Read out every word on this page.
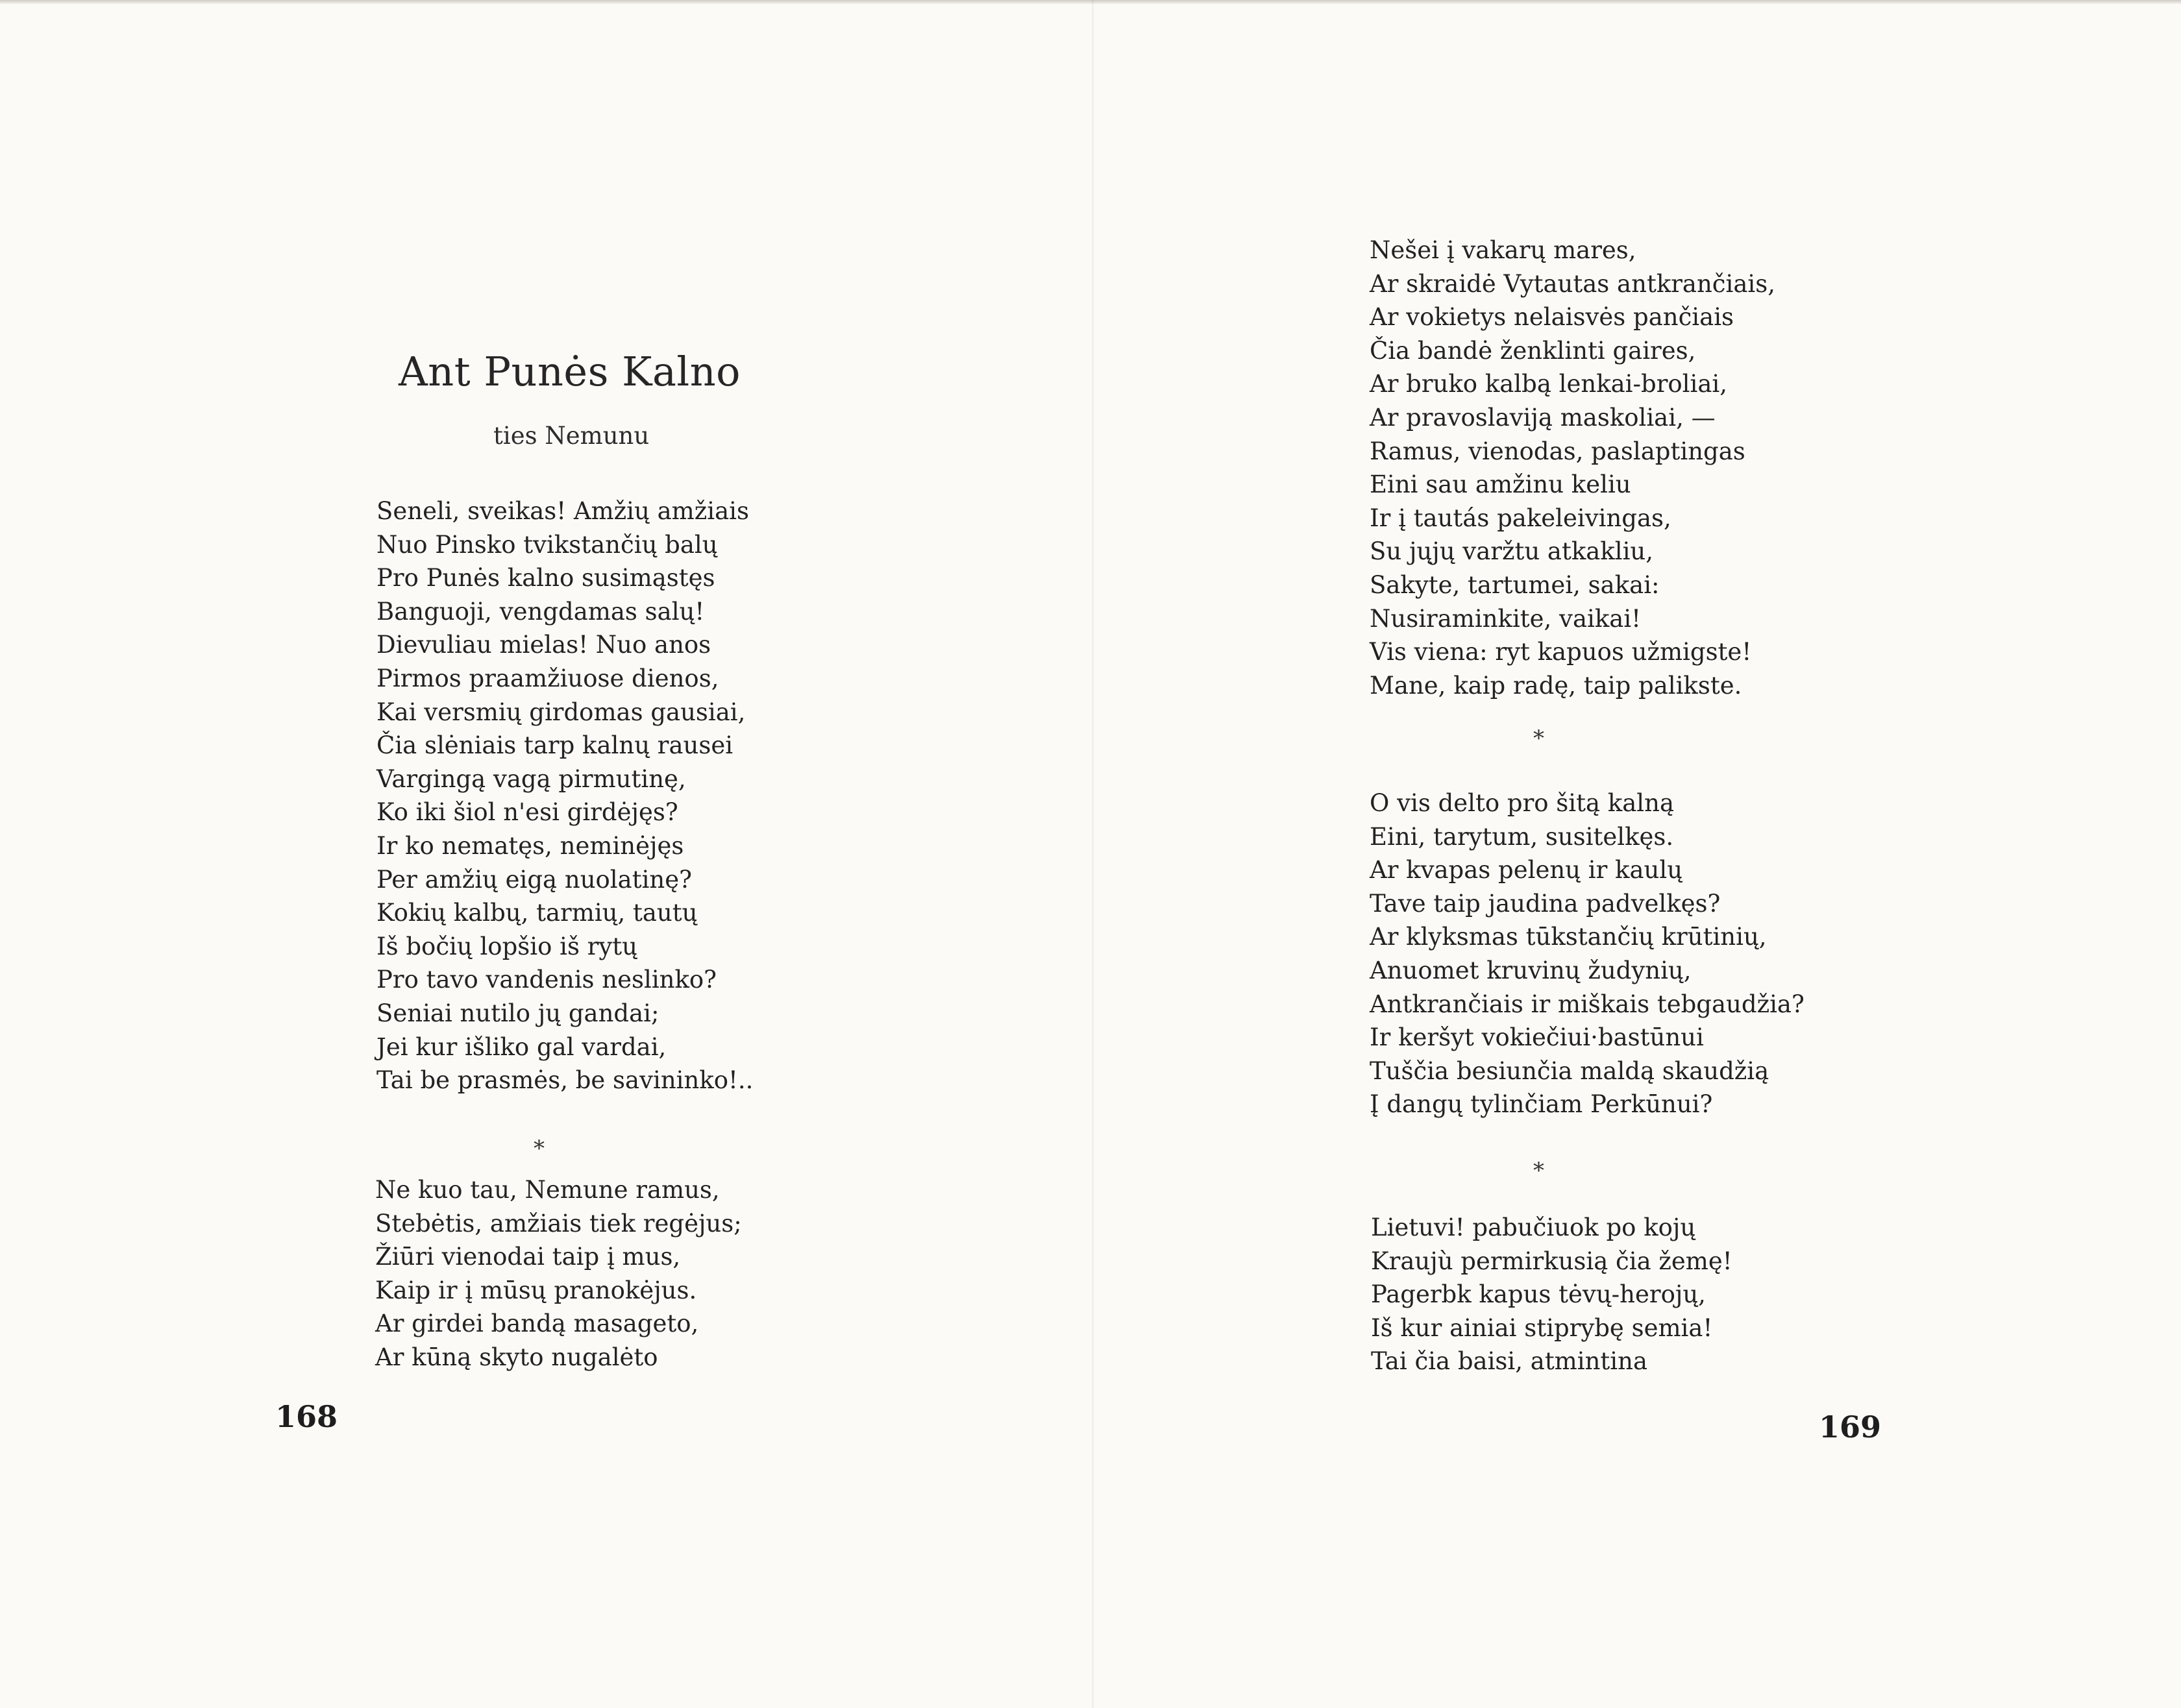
Ant Punės Kalno

ties Nemunu

Seneli, sveikas! Amžių amžiais
Nuo Pinsko tvikstančių balų
Pro Punės kalno susimąstęs
Banguoji, vengdamas salų!
Dievuliau mielas! Nuo anos
Pirmos praamžiuose dienos,
Kai versmių girdomas gausiai,
Čia slėniais tarp kalnų rausei
Vargingą vagą pirmutinę,
Ko iki šiol n'esi girdėjęs?
Ir ko nematęs, neminėjęs
Per amžių eigą nuolatinę?
Kokių kalbų, tarmių, tautų
Iš bočių lopšio iš rytų
Pro tavo vandenis neslinko?
Seniai nutilo jų gandai;
Jei kur išliko gal vardai,
Tai be prasmės, be savininko!..

*

Ne kuo tau, Nemune ramus,
Stebėtis, amžiais tiek regėjus;
Žiūri vienodai taip į mus,
Kaip ir į mūsų pranokėjus.
Ar girdei bandą masageto,
Ar kūną skyto nugalėto

168

Nešei į vakarų mares,
Ar skraidė Vytautas antkrančiais,
Ar vokietys nelaisvės pančiais
Čia bandė ženklinti gaires,
Ar bruko kalbą lenkai-broliai,
Ar pravoslaviją maskoliai, —
Ramus, vienodas, paslaptingas
Eini sau amžinu keliu
Ir į tautás pakeleivingas,
Su jųjų varžtu atkakliu,
Sakyte, tartumei, sakai:
Nusiraminkite, vaikai!
Vis viena: ryt kapuos užmigste!
Mane, kaip radę, taip palikste.

*

O vis delto pro šitą kalną
Eini, tarytum, susitelkęs.
Ar kvapas pelenų ir kaulų
Tave taip jaudina padvelkęs?
Ar klyksmas tūkstančių krūtinių,
Anuomet kruvinų žudynių,
Antkrančiais ir miškais tebgaudžia?
Ir keršyt vokiečiui·bastūnui
Tuščia besiunčia maldą skaudžią
Į dangų tylinčiam Perkūnui?

*

Lietuvi! pabučiuok po kojų
Kraujù permirkusią čia žemę!
Pagerbk kapus tėvų-herojų,
Iš kur ainiai stiprybę semia!
Tai čia baisi, atmintina

169
